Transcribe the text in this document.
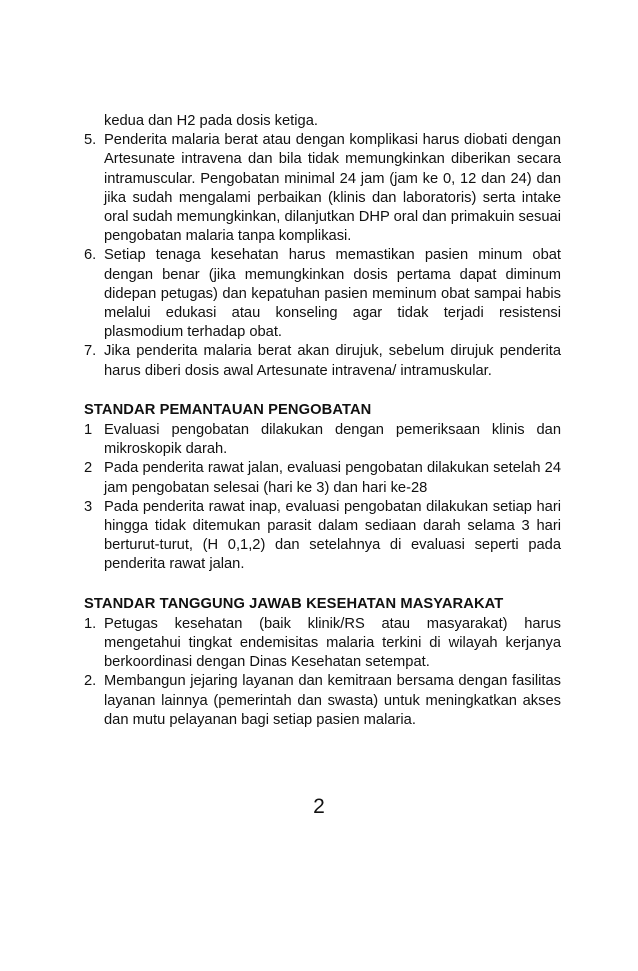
kedua dan H2 pada dosis ketiga.
5. Penderita malaria berat atau dengan komplikasi harus diobati dengan Artesunate intravena dan bila tidak memungkinkan diberikan secara intramuscular. Pengobatan minimal 24 jam (jam ke 0, 12 dan 24) dan jika sudah mengalami perbaikan (klinis dan laboratoris) serta intake oral sudah memungkinkan, dilanjutkan DHP oral dan primakuin sesuai pengobatan malaria tanpa komplikasi.
6. Setiap tenaga kesehatan harus memastikan pasien minum obat dengan benar (jika memungkinkan dosis pertama dapat diminum didepan petugas) dan kepatuhan pasien meminum obat sampai habis melalui edukasi atau konseling agar tidak terjadi resistensi plasmodium terhadap obat.
7. Jika penderita malaria berat akan dirujuk, sebelum dirujuk penderita harus diberi dosis awal Artesunate intravena/ intramuskular.
STANDAR PEMANTAUAN PENGOBATAN
1 Evaluasi pengobatan dilakukan dengan pemeriksaan klinis dan mikroskopik darah.
2 Pada penderita rawat jalan, evaluasi pengobatan dilakukan setelah 24 jam pengobatan selesai (hari ke 3) dan hari ke-28
3 Pada penderita rawat inap, evaluasi pengobatan dilakukan setiap hari hingga tidak ditemukan parasit dalam sediaan darah selama 3 hari berturut-turut, (H 0,1,2) dan setelahnya di evaluasi seperti pada penderita rawat jalan.
STANDAR TANGGUNG JAWAB KESEHATAN MASYARAKAT
1. Petugas kesehatan (baik klinik/RS atau masyarakat) harus mengetahui tingkat endemisitas malaria terkini di wilayah kerjanya berkoordinasi dengan Dinas Kesehatan setempat.
2. Membangun jejaring layanan dan kemitraan bersama dengan fasilitas layanan lainnya (pemerintah dan swasta) untuk meningkatkan akses dan mutu pelayanan bagi setiap pasien malaria.
2
